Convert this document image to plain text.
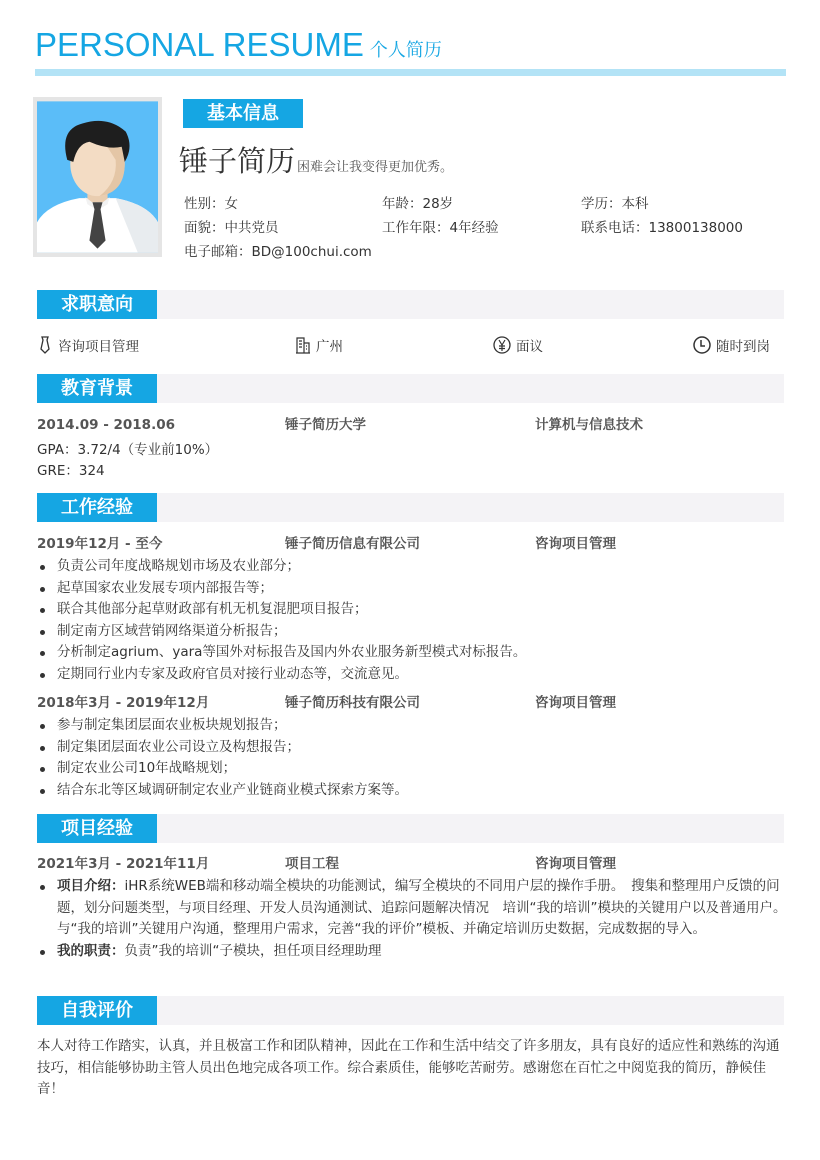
PERSONAL RESUME 个人简历
基本信息
锤子简历 困难会让我变得更加优秀。
性别：女	年龄：28岁	学历：本科
面貌：中共党员	工作年限：4年经验	联系电话：13800138000
电子邮箱：BD@100chui.com
求职意向
咨询项目管理	广州	面议	随时到岗
教育背景
2014.09 - 2018.06	锤子简历大学	计算机与信息技术
GPA：3.72/4（专业前10%）
GRE：324
工作经验
2019年12月 - 至今	锤子简历信息有限公司	咨询项目管理
负责公司年度战略规划市场及农业部分；
起草国家农业发展专项内部报告等；
联合其他部分起草财政部有机无机复混肥项目报告；
制定南方区域营销网络渠道分析报告；
分析制定agrium、yara等国外对标报告及国内外农业服务新型模式对标报告。
定期同行业内专家及政府官员对接行业动态等，交流意见。
2018年3月 - 2019年12月	锤子简历科技有限公司	咨询项目管理
参与制定集团层面农业板块规划报告；
制定集团层面农业公司设立及构想报告；
制定农业公司10年战略规划；
结合东北等区域调研制定农业产业链商业模式探索方案等。
项目经验
2021年3月 - 2021年11月	项目工程	咨询项目管理
项目介绍：iHR系统WEB端和移动端全模块的功能测试，编写全模块的不同用户层的操作手册。　搜集和整理用户反馈的问题，划分问题类型，与项目经理、开发人员沟通测试、追踪问题解决情况　培训“我的培训”模块的关键用户以及普通用户。　与“我的培训”关键用户沟通，整理用户需求，完善“我的评价”模板、并确定培训历史数据，完成数据的导入。
我的职责：负责”我的培训“子模块，担任项目经理助理
自我评价
本人对待工作踏实，认真，并且极富工作和团队精神，因此在工作和生活中结交了许多朋友，具有良好的适应性和熟练的沟通技巧，相信能够协助主管人员出色地完成各项工作。综合素质佳，能够吃苦耐劳。感谢您在百忙之中阅览我的简历，静候佳音！
